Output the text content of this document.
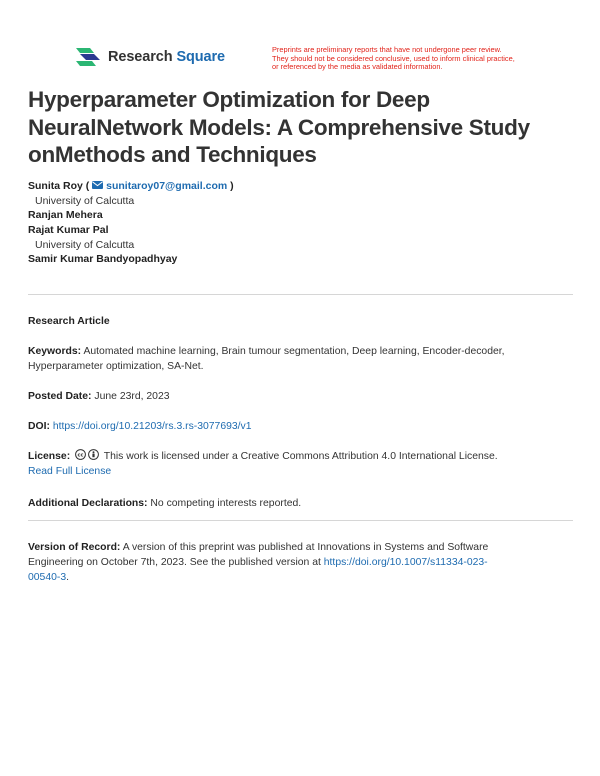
Research Square	Preprints are preliminary reports that have not undergone peer review.
They should not be considered conclusive, used to inform clinical practice,
or referenced by the media as validated information.
Hyperparameter Optimization for Deep
NeuralNetwork Models: A Comprehensive Study
onMethods and Techniques
Sunita Roy ( sunitaroy07@gmail.com )
University of Calcutta
Ranjan Mehera
Rajat Kumar Pal
University of Calcutta
Samir Kumar Bandyopadhyay
Research Article
Keywords: Automated machine learning, Brain tumour segmentation, Deep learning, Encoder-decoder,
Hyperparameter optimization, SA-Net.
Posted Date: June 23rd, 2023
DOI: https://doi.org/10.21203/rs.3.rs-3077693/v1
License: cc This work is licensed under a Creative Commons Attribution 4.0 International License.
Read Full License
Additional Declarations: No competing interests reported.
Version of Record: A version of this preprint was published at Innovations in Systems and Software
Engineering on October 7th, 2023. See the published version at https://doi.org/10.1007/s11334-023-
00540-3.
